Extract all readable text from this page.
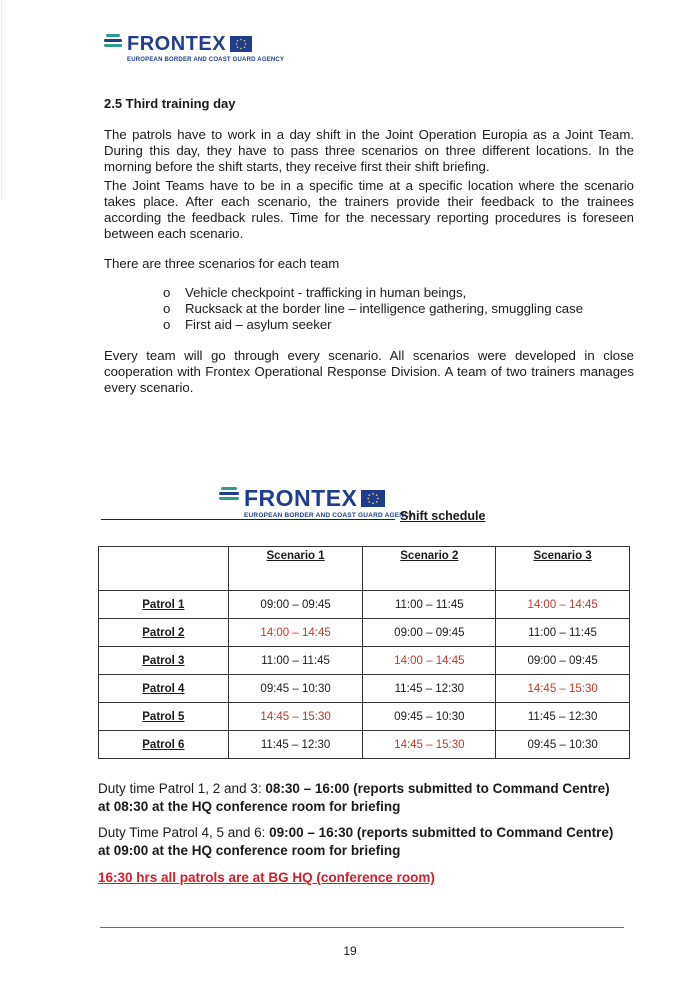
FRONTEX
EUROPEAN BORDER AND COAST GUARD AGENCY
2.5 Third training day

The patrols have to work in a day shift in the Joint Operation Europia as a Joint Team. During this day, they have to pass three scenarios on three different locations. In the morning before the shift starts, they receive first their shift briefing.

The Joint Teams have to be in a specific time at a specific location where the scenario takes place. After each scenario, the trainers provide their feedback to the trainees according the feedback rules. Time for the necessary reporting procedures is foreseen between each scenario.

There are three scenarios for each team

o Vehicle checkpoint - trafficking in human beings,
o Rucksack at the border line – intelligence gathering, smuggling case
o First aid – asylum seeker

Every team will go through every scenario. All scenarios were developed in close cooperation with Frontex Operational Response Division. A team of two trainers manages every scenario.

FRONTEX
EUROPEAN BORDER AND COAST GUARD AGENCY
Shift schedule
	Scenario 1	Scenario 2	Scenario 3
Patrol 1	09:00 – 09:45	11:00 – 11:45	14:00 – 14:45
Patrol 2	14:00 – 14:45	09:00 – 09:45	11:00 – 11:45
Patrol 3	11:00 – 11:45	14:00 – 14:45	09:00 – 09:45
Patrol 4	09:45 – 10:30	11:45 – 12:30	14:45 – 15:30
Patrol 5	14:45 – 15:30	09:45 – 10:30	11:45 – 12:30
Patrol 6	11:45 – 12:30	14:45 – 15:30	09:45 – 10:30
Duty time Patrol 1, 2 and 3: 08:30 – 16:00 (reports submitted to Command Centre) at 08:30 at the HQ conference room for briefing
Duty Time Patrol 4, 5 and 6: 09:00 – 16:30 (reports submitted to Command Centre) at 09:00 at the HQ conference room for briefing
16:30 hrs all patrols are at BG HQ (conference room)
19
